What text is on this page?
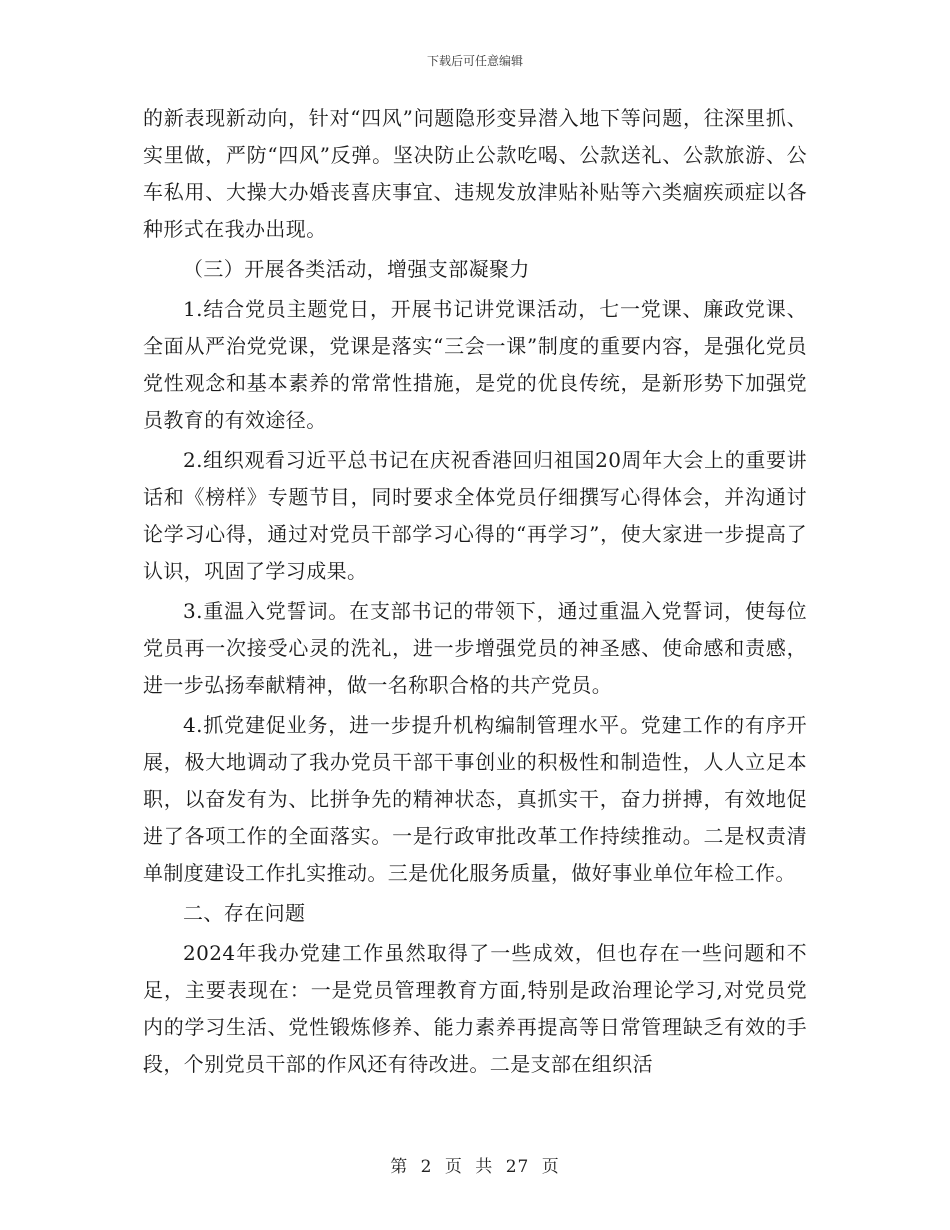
下载后可任意编辑

的新表现新动向，针对“四风”问题隐形变异潜入地下等问题，往深里抓、实里做，严防“四风”反弹。坚决防止公款吃喝、公款送礼、公款旅游、公车私用、大操大办婚丧喜庆事宜、违规发放津贴补贴等六类痼疾顽症以各种形式在我办出现。

（三）开展各类活动，增强支部凝聚力

1.结合党员主题党日，开展书记讲党课活动，七一党课、廉政党课、全面从严治党党课，党课是落实“三会一课”制度的重要内容，是强化党员党性观念和基本素养的常常性措施，是党的优良传统，是新形势下加强党员教育的有效途径。

2.组织观看习近平总书记在庆祝香港回归祖国20周年大会上的重要讲话和《榜样》专题节目，同时要求全体党员仔细撰写心得体会，并沟通讨论学习心得，通过对党员干部学习心得的“再学习”，使大家进一步提高了认识，巩固了学习成果。

3.重温入党誓词。在支部书记的带领下，通过重温入党誓词，使每位党员再一次接受心灵的洗礼，进一步增强党员的神圣感、使命感和责感，进一步弘扬奉献精神，做一名称职合格的共产党员。

4.抓党建促业务，进一步提升机构编制管理水平。党建工作的有序开展，极大地调动了我办党员干部干事创业的积极性和制造性，人人立足本职，以奋发有为、比拼争先的精神状态，真抓实干，奋力拼搏，有效地促进了各项工作的全面落实。一是行政审批改革工作持续推动。二是权责清单制度建设工作扎实推动。三是优化服务质量，做好事业单位年检工作。

二、存在问题

2024年我办党建工作虽然取得了一些成效，但也存在一些问题和不足，主要表现在：一是党员管理教育方面,特别是政治理论学习,对党员党内的学习生活、党性锻炼修养、能力素养再提高等日常管理缺乏有效的手段，个别党员干部的作风还有待改进。二是支部在组织活

第 2 页 共 27 页
